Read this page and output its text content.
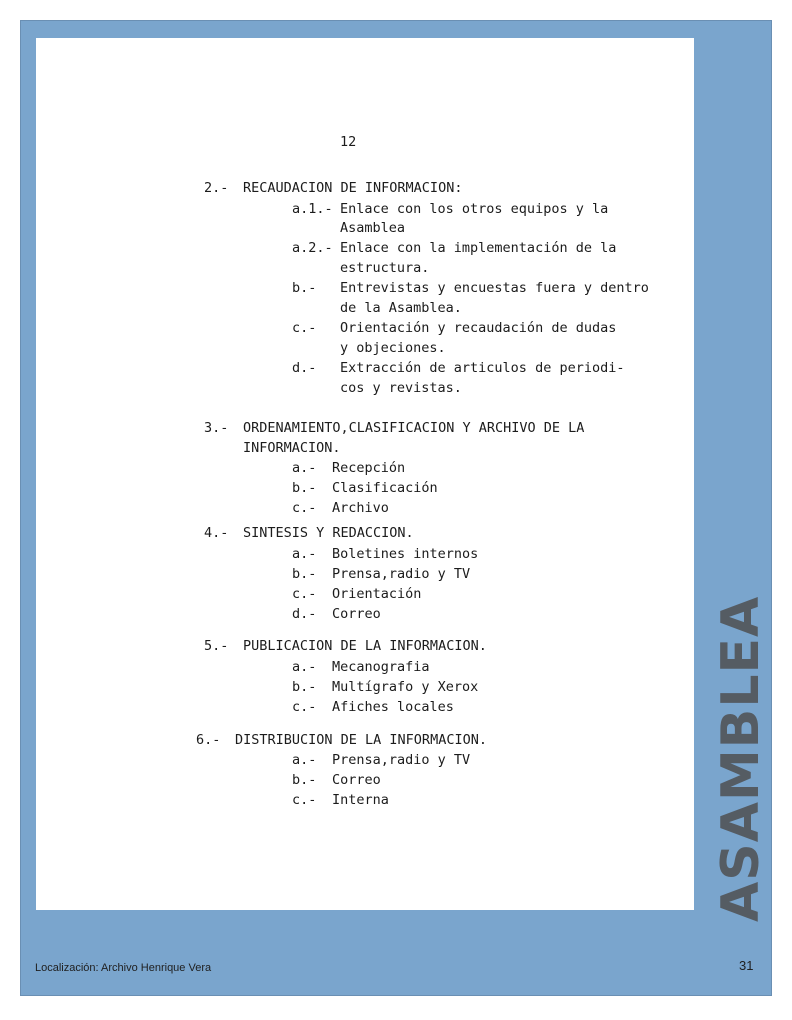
12
2.- RECAUDACION DE INFORMACION:
a.1.- Enlace con los otros equipos y la
Asamblea
a.2.- Enlace con la implementación de la
estructura.
b.- Entrevistas y encuestas fuera y dentro
de la Asamblea.
c.- Orientación y recaudación de dudas
y objeciones.
d.- Extracción de articulos de periodi-
cos y revistas.
3.- ORDENAMIENTO,CLASIFICACION Y ARCHIVO DE LA
INFORMACION.
a.- Recepción
b.- Clasificación
c.- Archivo
4.- SINTESIS Y REDACCION.
a.- Boletines internos
b.- Prensa,radio y TV
c.- Orientación
d.- Correo
5.- PUBLICACION DE LA INFORMACION.
a.- Mecanografia
b.- Multígrafo y Xerox
c.- Afiches locales
6.- DISTRIBUCION DE LA INFORMACION.
a.- Prensa,radio y TV
b.- Correo
c.- Interna	ASAMBLEA
Localización: Archivo Henrique Vera	31
